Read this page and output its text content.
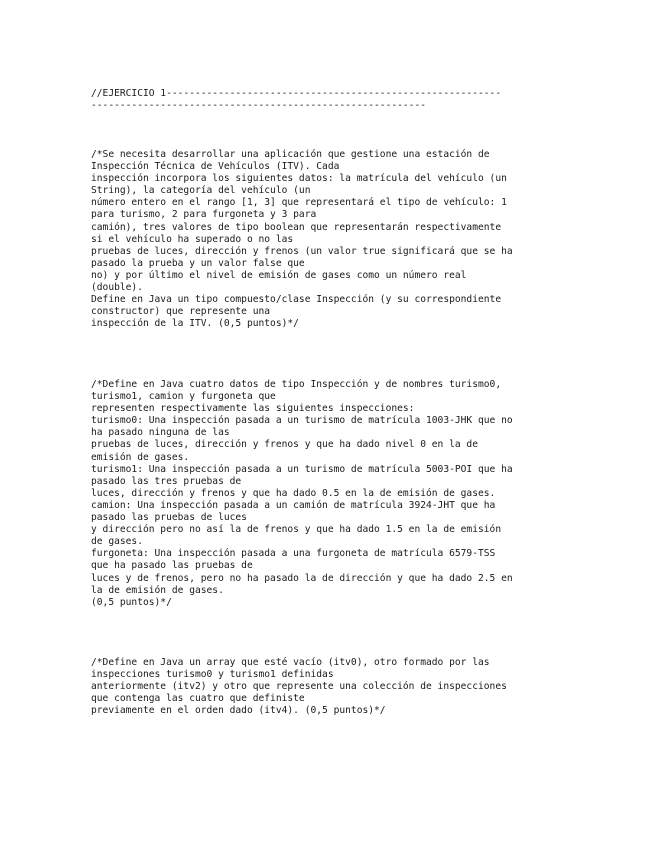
//EJERCICIO 1----------------------------------------------------------
----------------------------------------------------------
/*Se necesita desarrollar una aplicación que gestione una estación de
Inspección Técnica de Vehículos (ITV). Cada
inspección incorpora los siguientes datos: la matrícula del vehículo (un
String), la categoría del vehículo (un
número entero en el rango [1, 3] que representará el tipo de vehículo: 1
para turismo, 2 para furgoneta y 3 para
camión), tres valores de tipo boolean que representarán respectivamente
si el vehículo ha superado o no las
pruebas de luces, dirección y frenos (un valor true significará que se ha
pasado la prueba y un valor false que
no) y por último el nivel de emisión de gases como un número real
(double).
Define en Java un tipo compuesto/clase Inspección (y su correspondiente
constructor) que represente una
inspección de la ITV. (0,5 puntos)*/
/*Define en Java cuatro datos de tipo Inspección y de nombres turismo0,
turismo1, camion y furgoneta que
representen respectivamente las siguientes inspecciones:
turismo0: Una inspección pasada a un turismo de matrícula 1003-JHK que no
ha pasado ninguna de las
pruebas de luces, dirección y frenos y que ha dado nivel 0 en la de
emisión de gases.
turismo1: Una inspección pasada a un turismo de matrícula 5003-POI que ha
pasado las tres pruebas de
luces, dirección y frenos y que ha dado 0.5 en la de emisión de gases.
camion: Una inspección pasada a un camión de matrícula 3924-JHT que ha
pasado las pruebas de luces
y dirección pero no así la de frenos y que ha dado 1.5 en la de emisión
de gases.
furgoneta: Una inspección pasada a una furgoneta de matrícula 6579-TSS
que ha pasado las pruebas de
luces y de frenos, pero no ha pasado la de dirección y que ha dado 2.5 en
la de emisión de gases.
(0,5 puntos)*/
/*Define en Java un array que esté vacío (itv0), otro formado por las
inspecciones turismo0 y turismo1 definidas
anteriormente (itv2) y otro que represente una colección de inspecciones
que contenga las cuatro que definiste
previamente en el orden dado (itv4). (0,5 puntos)*/
